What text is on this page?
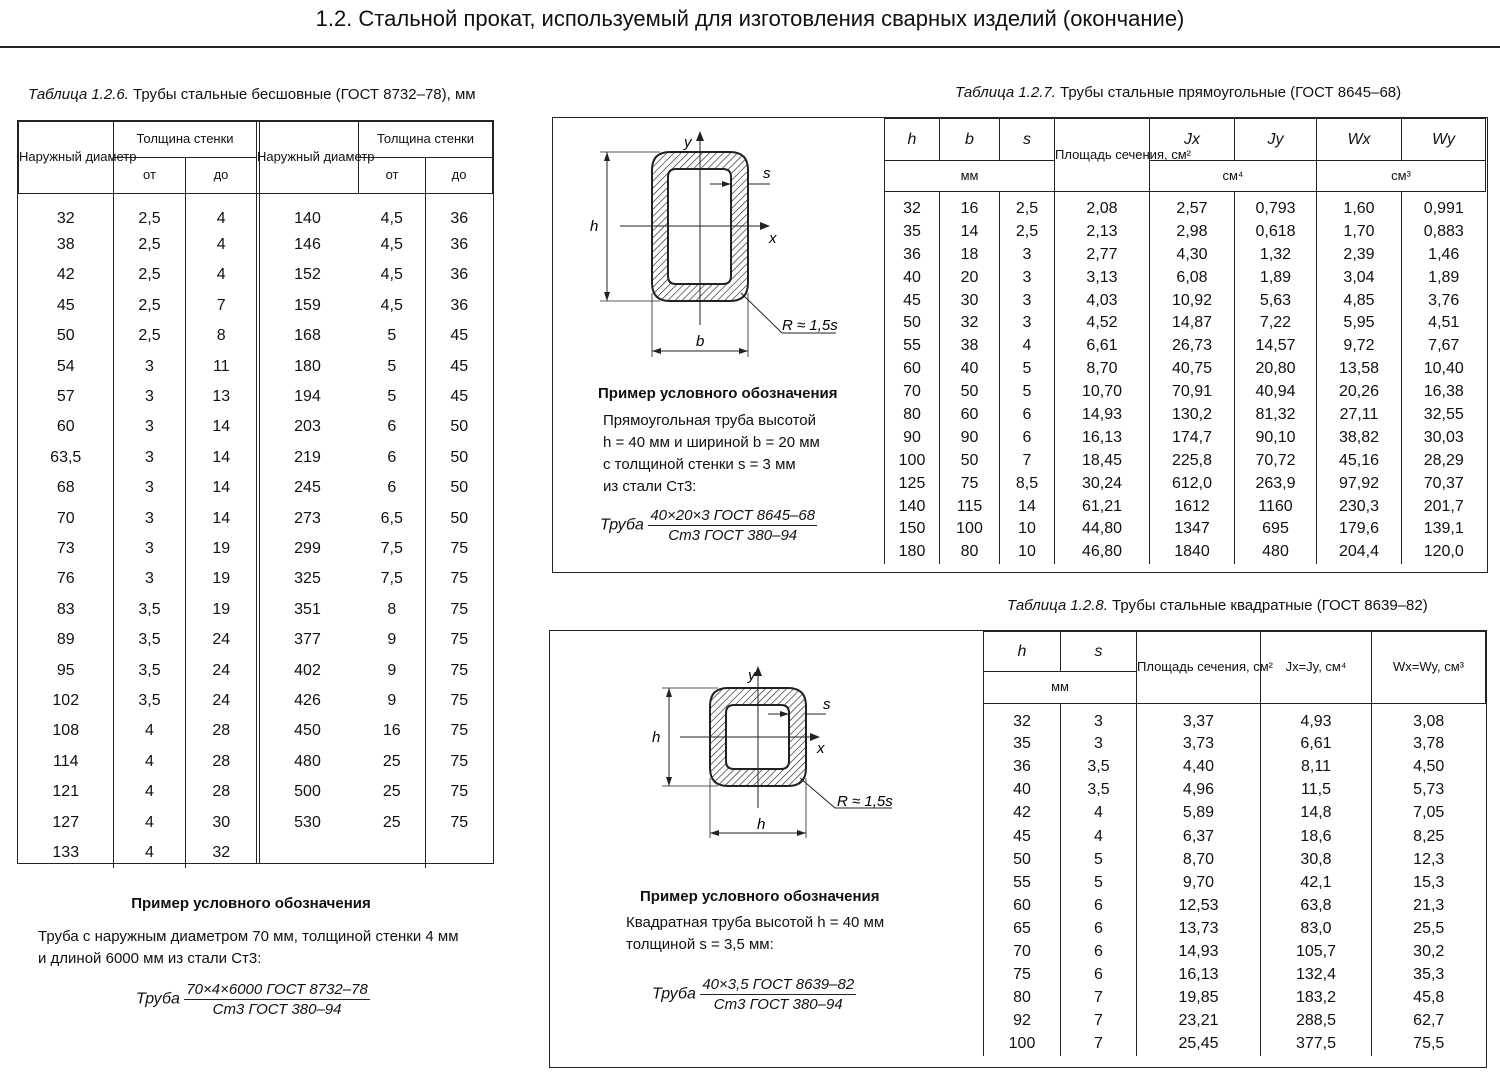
1.2. Стальной прокат, используемый для изготовления сварных изделий (окончание)
Таблица 1.2.6. Трубы стальные бесшовные (ГОСТ 8732–78), мм
Наружный диаметр	Толщина стенки		Наружный диаметр	Толщина стенки	
	от	до		от	до
32	2,5	4	140	4,5	36
38	2,5	4	146	4,5	36
42	2,5	4	152	4,5	36
45	2,5	7	159	4,5	36
50	2,5	8	168	5	45
54	3	11	180	5	45
57	3	13	194	5	45
60	3	14	203	6	50
63,5	3	14	219	6	50
68	3	14	245	6	50
70	3	14	273	6,5	50
73	3	19	299	7,5	75
76	3	19	325	7,5	75
83	3,5	19	351	8	75
89	3,5	24	377	9	75
95	3,5	24	402	9	75
102	3,5	24	426	9	75
108	4	28	450	16	75
114	4	28	480	25	75
121	4	28	500	25	75
127	4	30	530	25	75
133	4	32			
Пример условного обозначения
Труба с наружным диаметром 70 мм, толщиной стенки 4 мм
и длиной 6000 мм из стали Ст3:
Труба $\frac{\text{70×4×6000 ГОСТ 8732–78}}{\text{Ст3 ГОСТ 380–94}}$
Таблица 1.2.7. Трубы стальные прямоугольные (ГОСТ 8645–68)
y
x
h
b
s
R ≈ 1,5s
Пример условного обозначения
Прямоугольная труба высотой
h = 40 мм и шириной b = 20 мм
с толщиной стенки s = 3 мм
из стали Ст3:
Труба $\frac{\text{40×20×3 ГОСТ 8645–68}}{\text{Ст3 ГОСТ 380–94}}$
h	b	s	Площадь сечения, см²	Jx	Jy	Wx	Wy
мм				см⁴		см³	
32	16	2,5	2,08	2,57	0,793	1,60	0,991
35	14	2,5	2,13	2,98	0,618	1,70	0,883
36	18	3	2,77	4,30	1,32	2,39	1,46
40	20	3	3,13	6,08	1,89	3,04	1,89
45	30	3	4,03	10,92	5,63	4,85	3,76
50	32	3	4,52	14,87	7,22	5,95	4,51
55	38	4	6,61	26,73	14,57	9,72	7,67
60	40	5	8,70	40,75	20,80	13,58	10,40
70	50	5	10,70	70,91	40,94	20,26	16,38
80	60	6	14,93	130,2	81,32	27,11	32,55
90	90	6	16,13	174,7	90,10	38,82	30,03
100	50	7	18,45	225,8	70,72	45,16	28,29
125	75	8,5	30,24	612,0	263,9	97,92	70,37
140	115	14	61,21	1612	1160	230,3	201,7
150	100	10	44,80	1347	695	179,6	139,1
180	80	10	46,80	1840	480	204,4	120,0
Таблица 1.2.8. Трубы стальные квадратные (ГОСТ 8639–82)
y
x
h
h
s
R ≈ 1,5s
Пример условного обозначения
Квадратная труба высотой h = 40 мм
толщиной s = 3,5 мм:
Труба $\frac{\text{40×3,5 ГОСТ 8639–82}}{\text{Ст3 ГОСТ 380–94}}$
h	s	Площадь сечения, см²	Jx=Jy, см⁴	Wx=Wy, см³
мм				
32	3	3,37	4,93	3,08
35	3	3,73	6,61	3,78
36	3,5	4,40	8,11	4,50
40	3,5	4,96	11,5	5,73
42	4	5,89	14,8	7,05
45	4	6,37	18,6	8,25
50	5	8,70	30,8	12,3
55	5	9,70	42,1	15,3
60	6	12,53	63,8	21,3
65	6	13,73	83,0	25,5
70	6	14,93	105,7	30,2
75	6	16,13	132,4	35,3
80	7	19,85	183,2	45,8
92	7	23,21	288,5	62,7
100	7	25,45	377,5	75,5
